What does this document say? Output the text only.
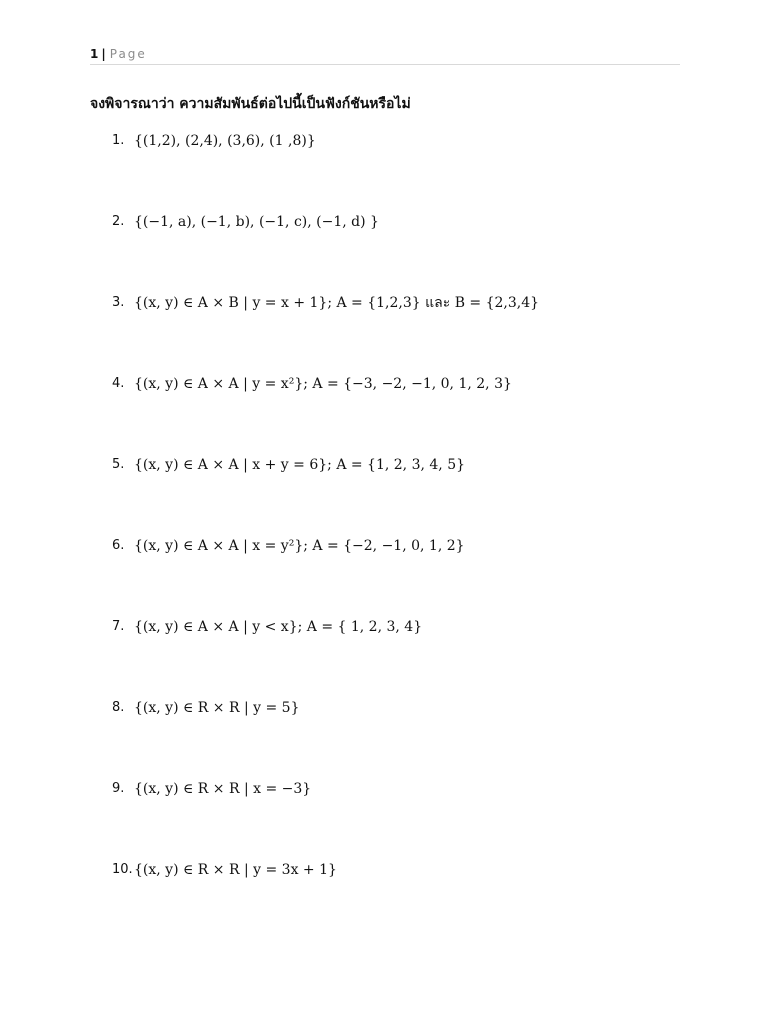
1 | Page
จงพิจารณาว่า ความสัมพันธ์ต่อไปนี้เป็นฟังก์ชันหรือไม่
1. {(1,2), (2,4), (3,6), (1 ,8)}
2. {(−1, a), (−1, b), (−1, c), (−1, d) }
3. {(x, y) ∈ A × B | y = x + 1}; A = {1,2,3} และ B = {2,3,4}
4. {(x, y) ∈ A × A | y = x²}; A = {−3, −2, −1, 0, 1, 2, 3}
5. {(x, y) ∈ A × A | x + y = 6}; A = {1, 2, 3, 4, 5}
6. {(x, y) ∈ A × A | x = y²}; A = {−2, −1, 0, 1, 2}
7. {(x, y) ∈ A × A | y < x}; A = { 1, 2, 3, 4}
8. {(x, y) ∈ R × R | y = 5}
9. {(x, y) ∈ R × R | x = −3}
10. {(x, y) ∈ R × R | y = 3x + 1}
